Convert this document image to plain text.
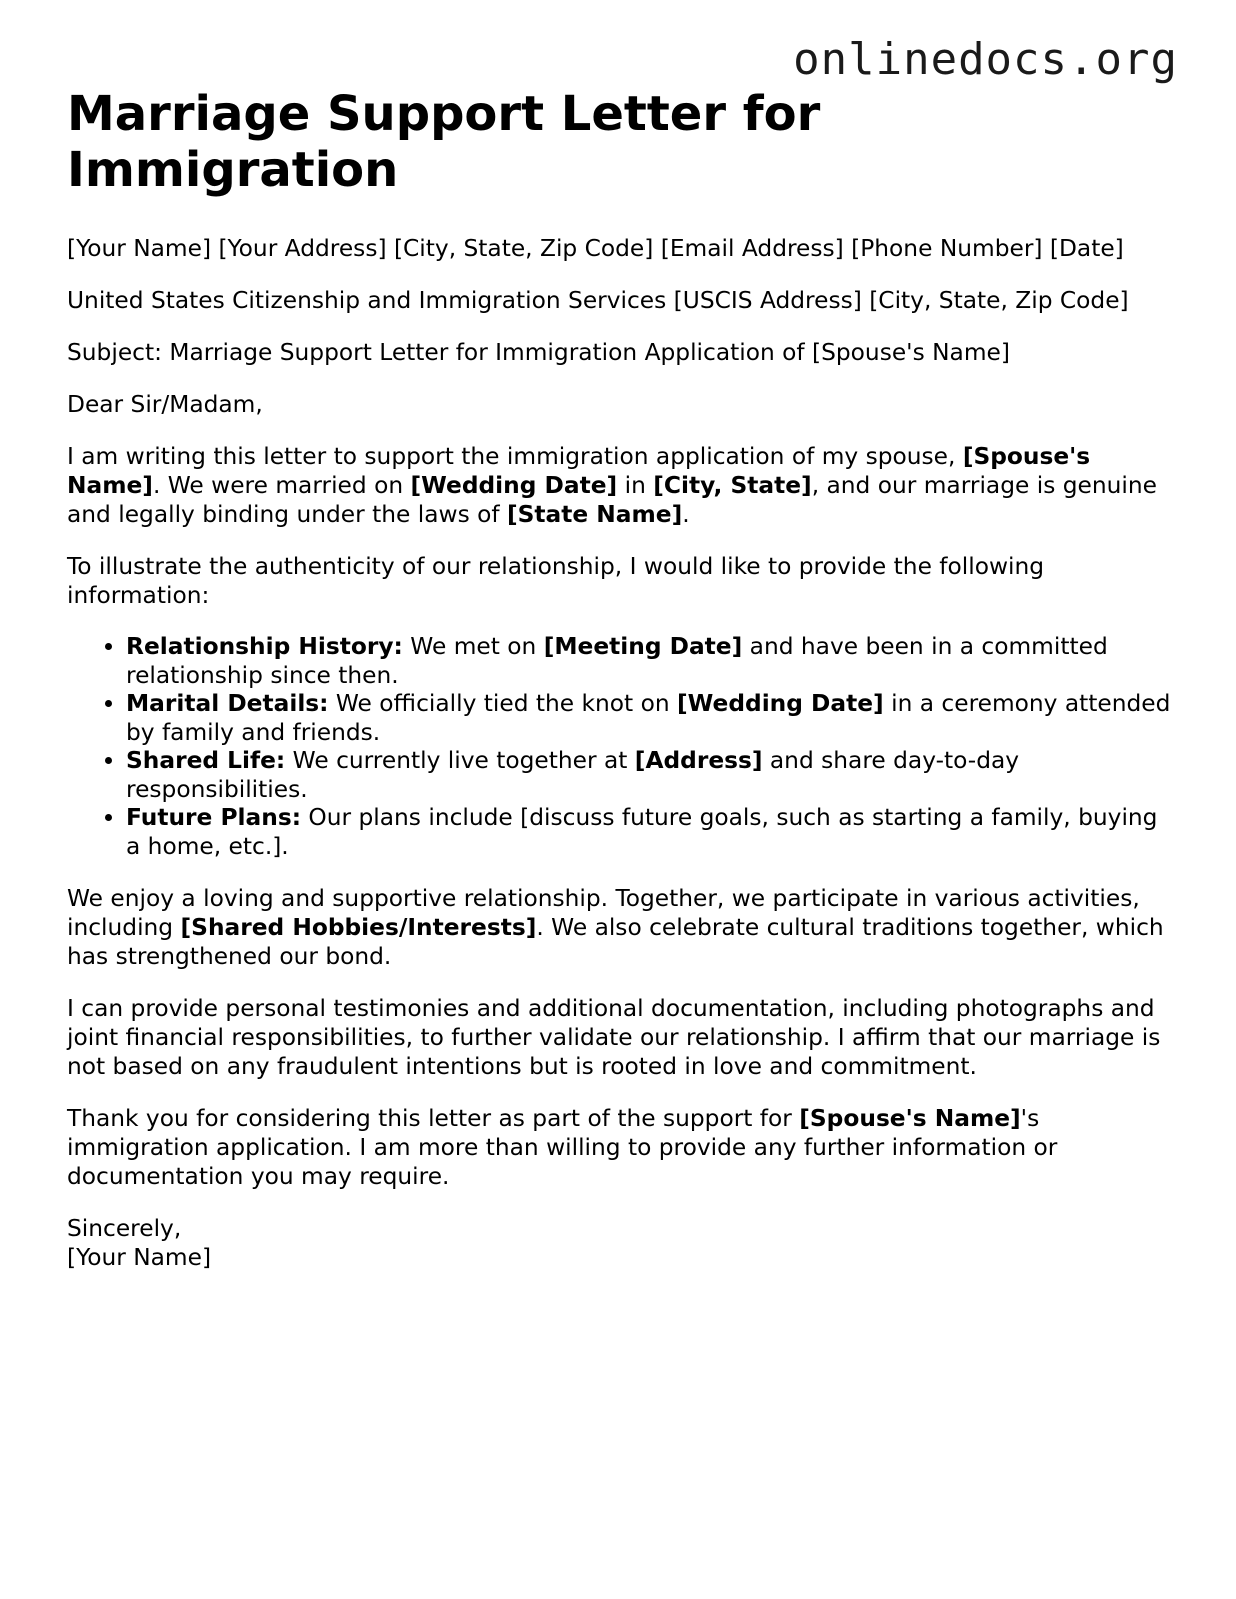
onlinedocs.org
Marriage Support Letter for Immigration

[Your Name] [Your Address] [City, State, Zip Code] [Email Address] [Phone Number] [Date]

United States Citizenship and Immigration Services [USCIS Address] [City, State, Zip Code]

Subject: Marriage Support Letter for Immigration Application of [Spouse's Name]

Dear Sir/Madam,

I am writing this letter to support the immigration application of my spouse, [Spouse's Name]. We were married on [Wedding Date] in [City, State], and our marriage is genuine and legally binding under the laws of [State Name].

To illustrate the authenticity of our relationship, I would like to provide the following information:

• Relationship History: We met on [Meeting Date] and have been in a committed relationship since then.
• Marital Details: We officially tied the knot on [Wedding Date] in a ceremony attended by family and friends.
• Shared Life: We currently live together at [Address] and share day-to-day responsibilities.
• Future Plans: Our plans include [discuss future goals, such as starting a family, buying a home, etc.].

We enjoy a loving and supportive relationship. Together, we participate in various activities, including [Shared Hobbies/Interests]. We also celebrate cultural traditions together, which has strengthened our bond.

I can provide personal testimonies and additional documentation, including photographs and joint financial responsibilities, to further validate our relationship. I affirm that our marriage is not based on any fraudulent intentions but is rooted in love and commitment.

Thank you for considering this letter as part of the support for [Spouse's Name]'s immigration application. I am more than willing to provide any further information or documentation you may require.

Sincerely,

[Your Name]
